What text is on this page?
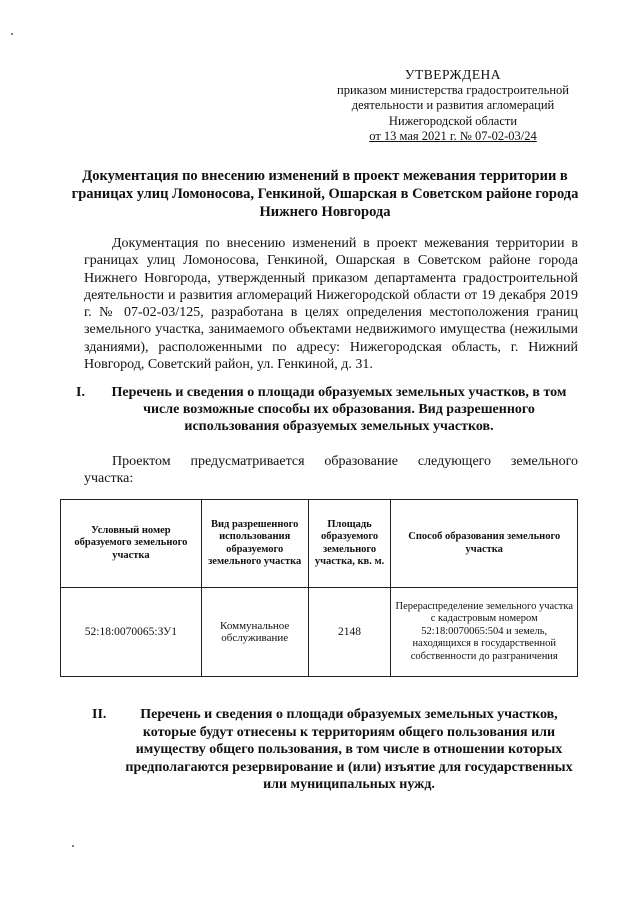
УТВЕРЖДЕНА
приказом министерства градостроительной
деятельности и развития агломераций
Нижегородской области
от 13 мая 2021 г. № 07-02-03/24
Документация по внесению изменений в проект межевания территории в границах улиц Ломоносова, Генкиной, Ошарская в Советском районе города Нижнего Новгорода
Документация по внесению изменений в проект межевания территории в границах улиц Ломоносова, Генкиной, Ошарская в Советском районе города Нижнего Новгорода, утвержденный приказом департамента градостроительной деятельности и развития агломераций Нижегородской области от 19 декабря 2019 г. № 07-02-03/125, разработана в целях определения местоположения границ земельного участка, занимаемого объектами недвижимого имущества (нежилыми зданиями), расположенными по адресу: Нижегородская область, г. Нижний Новгород, Советский район, ул. Генкиной, д. 31.
I.	Перечень и сведения о площади образуемых земельных участков, в том числе возможные способы их образования. Вид разрешенного использования образуемых земельных участков.
Проектом предусматривается образование следующего земельного
участка:
Условный номер образуемого земельного участка	Вид разрешенного использования образуемого земельного участка	Площадь образуемого земельного участка, кв. м.	Способ образования земельного участка
52:18:0070065:ЗУ1	Коммунальное обслуживание	2148	Перераспределение земельного участка с кадастровым номером 52:18:0070065:504 и земель, находящихся в государственной собственности до разграничения
II.	Перечень и сведения о площади образуемых земельных участков, которые будут отнесены к территориям общего пользования или имуществу общего пользования, в том числе в отношении которых предполагаются резервирование и (или) изъятие для государственных или муниципальных нужд.
